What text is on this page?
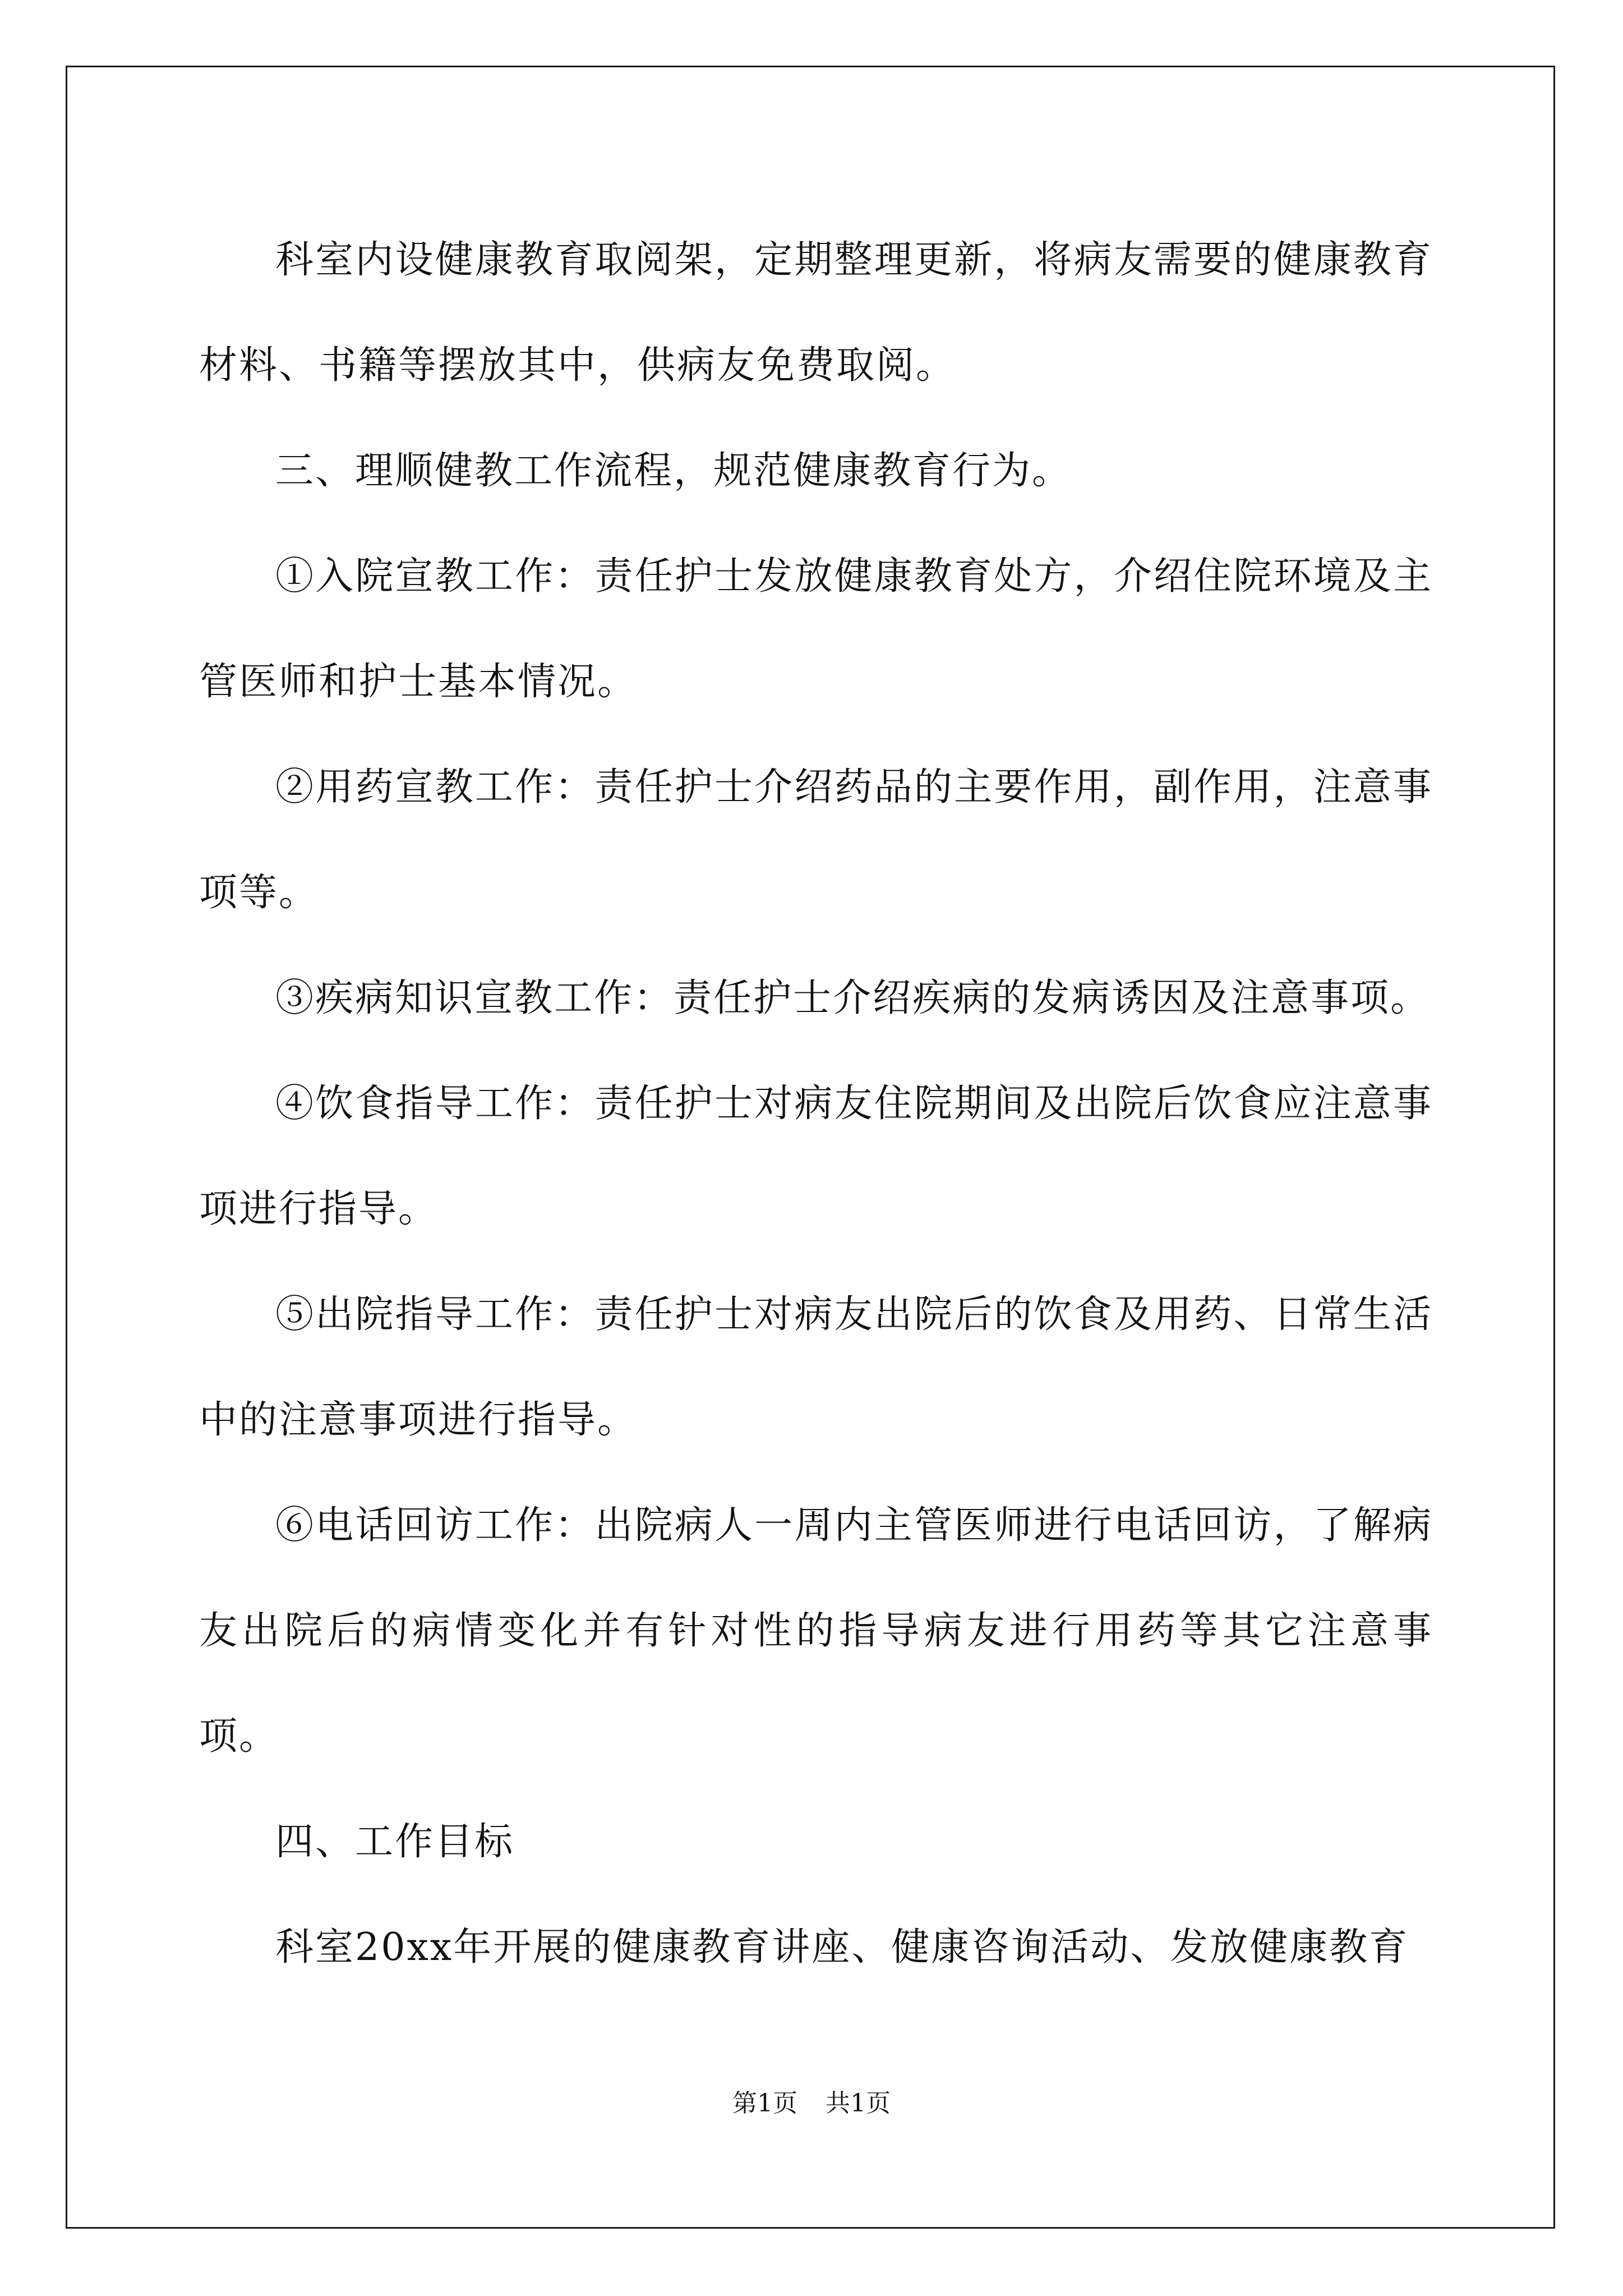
科室内设健康教育取阅架，定期整理更新，将病友需要的健康教育材料、书籍等摆放其中，供病友免费取阅。

三、理顺健教工作流程，规范健康教育行为。

①入院宣教工作：责任护士发放健康教育处方，介绍住院环境及主管医师和护士基本情况。

②用药宣教工作：责任护士介绍药品的主要作用，副作用，注意事项等。

③疾病知识宣教工作：责任护士介绍疾病的发病诱因及注意事项。

④饮食指导工作：责任护士对病友住院期间及出院后饮食应注意事项进行指导。

⑤出院指导工作：责任护士对病友出院后的饮食及用药、日常生活中的注意事项进行指导。

⑥电话回访工作：出院病人一周内主管医师进行电话回访，了解病友出院后的病情变化并有针对性的指导病友进行用药等其它注意事项。

四、工作目标

科室20xx年开展的健康教育讲座、健康咨询活动、发放健康教育

第1页 共1页
